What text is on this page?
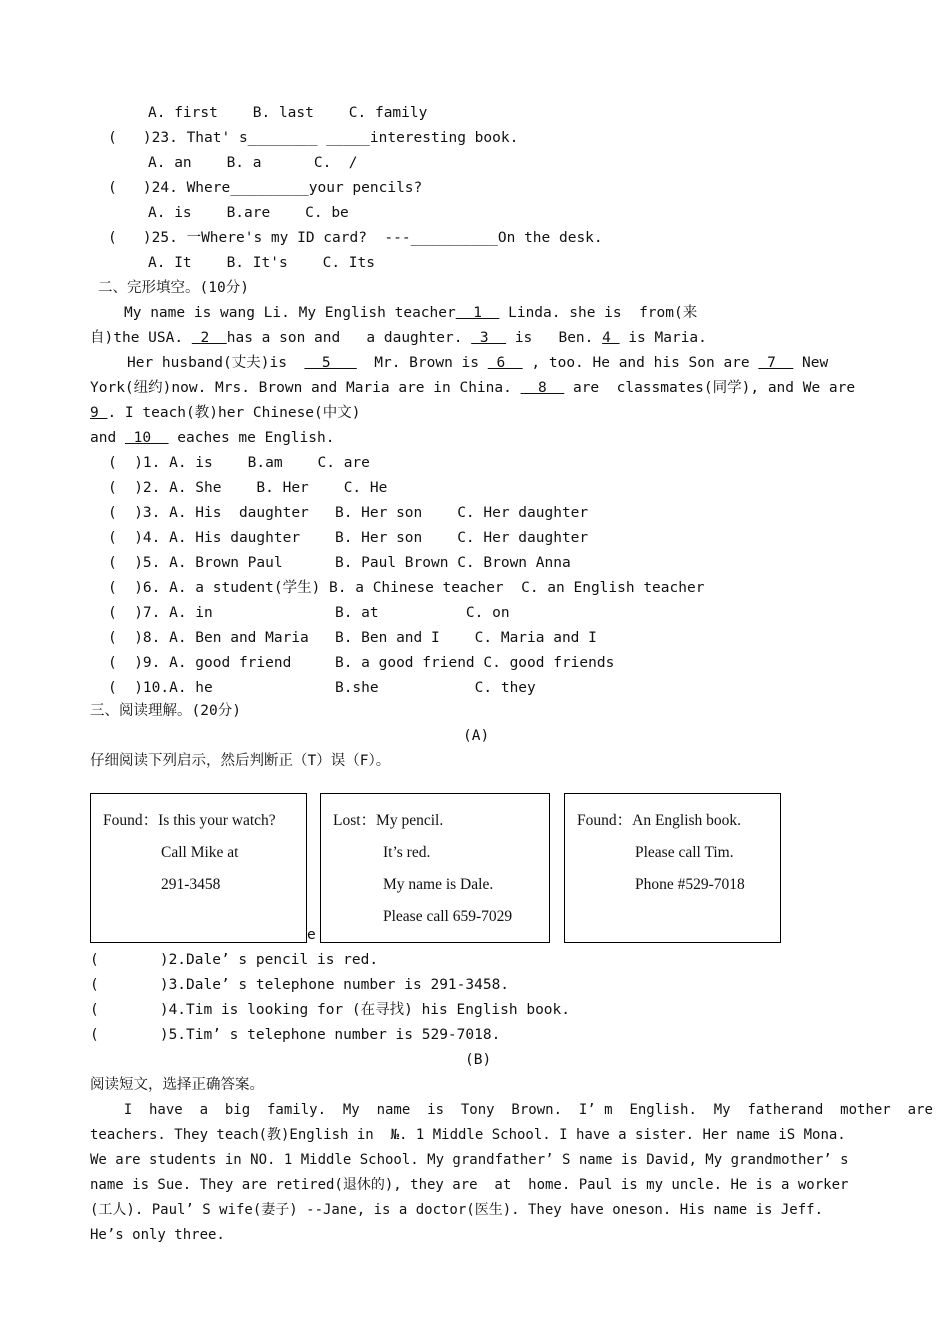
A. first    B. last    C. family
(   )23. That' s________ _____interesting book.
A. an    B. a      C.  /
(   )24. Where_________your pencils?
A. is    B.are    C. be
(   )25. 一Where's my ID card?  ---__________On the desk.
A. It    B. It's    C. Its
二、完形填空。(10分)
My name is wang Li. My English teacher  1   Linda. she is  from(来
自)the USA.  2  has a son and   a daughter.  3   is   Ben. 4  is Maria.
Her husband(丈夫)is    5     Mr. Brown is  6   , too. He and his Son are  7   New
York(纽约)now. Mrs. Brown and Maria are in China.   8   are  classmates(同学), and We are
9 . I teach(教)her Chinese(中文)
and  10   eaches me English.
(  )1. A. is    B.am    C. are
(  )2. A. She    B. Her    C. He
(  )3. A. His  daughter   B. Her son    C. Her daughter
(  )4. A. His daughter    B. Her son    C. Her daughter
(  )5. A. Brown Paul      B. Paul Brown C. Brown Anna
(  )6. A. a student(学生) B. a Chinese teacher  C. an English teacher
(  )7. A. in              B. at          C. on
(  )8. A. Ben and Maria   B. Ben and I    C. Maria and I
(  )9. A. good friend     B. a good friend C. good friends
(  )10.A. he              B.she           C. they
三、阅读理解。(20分)
(A)
仔细阅读下列启示，然后判断正（T）误（F）。
Found：Is this your watch?
Call Mike at
291-3458
e
Lost：My pencil.
It’s red.
My name is Dale.
Please call 659-7029
Found：An English book.
Please call Tim.
Phone #529-7018
(       )2.Dale’ s pencil is red.
(       )3.Dale’ s telephone number is 291-3458.
(       )4.Tim is looking for (在寻找) his English book.
(       )5.Tim’ s telephone number is 529-7018.
(B)
阅读短文，选择正确答案。
I  have  a  big  family.  My  name  is  Tony  Brown.  I’ m  English.  My  fatherand  mother  are
teachers. They teach(教)English in  №. 1 Middle School. I have a sister. Her name iS Mona.
We are students in NO. 1 Middle School. My grandfather’ S name is David, My grandmother’ s
name is Sue. They are retired(退休的), they are  at  home. Paul is my uncle. He is a worker
(工人). Paul’ S wife(妻子) --Jane, is a doctor(医生). They have oneson. His name is Jeff.
He’s only three.
